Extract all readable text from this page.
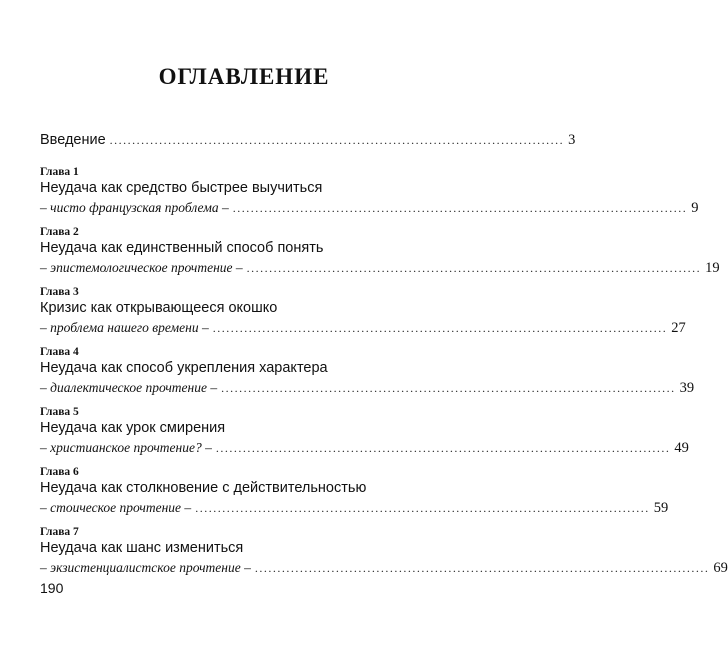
ОГЛАВЛЕНИЕ
Введение ..................................................................................................... 3
Глава 1
Неудача как средство быстрее выучиться
– чисто французская проблема – ..................................................................................................... 9
Глава 2
Неудача как единственный способ понять
– эпистемологическое прочтение – ..................................................................................................... 19
Глава 3
Кризис как открывающееся окошко
– проблема нашего времени – ..................................................................................................... 27
Глава 4
Неудача как способ укрепления характера
– диалектическое прочтение – ..................................................................................................... 39
Глава 5
Неудача как урок смирения
– христианское прочтение? – ..................................................................................................... 49
Глава 6
Неудача как столкновение с действительностью
– стоическое прочтение – ..................................................................................................... 59
Глава 7
Неудача как шанс измениться
– экзистенциалистское прочтение – ..................................................................................................... 69
190
